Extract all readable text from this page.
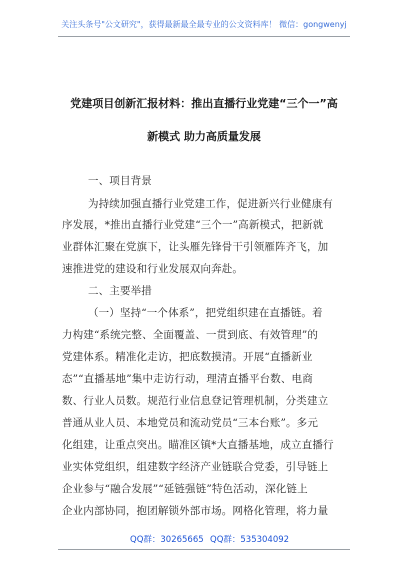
关注头条号"公文研究"，获得最新最全最专业的公文资料库！ 微信：gongwenyj
党建项目创新汇报材料：推出直播行业党建“三个一”高
新模式 助力高质量发展
一、项目背景
为持续加强直播行业党建工作，促进新兴行业健康有
序发展，*推出直播行业党建“三个一”高新模式，把新就
业群体汇聚在党旗下，让头雁先锋骨干引领雁阵齐飞，加
速推进党的建设和行业发展双向奔赴。
二、主要举措
（一）坚持“一个体系”，把党组织建在直播链。着
力构建“系统完整、全面覆盖、一贯到底、有效管理”的
党建体系。精准化走访，把底数摸清。开展“直播新业
态”“直播基地”集中走访行动，理清直播平台数、电商
数、行业人员数。规范行业信息登记管理机制，分类建立
普通从业人员、本地党员和流动党员“三本台账”。多元
化组建，让重点突出。瞄准区镇*大直播基地，成立直播行
业实体党组织，组建数字经济产业链联合党委，引导链上
企业参与“融合发展”“延链强链”特色活动，深化链上
企业内部协同，抱团解锁外部市场。网格化管理，将力量
QQ群：30265665 QQ群：535304092
